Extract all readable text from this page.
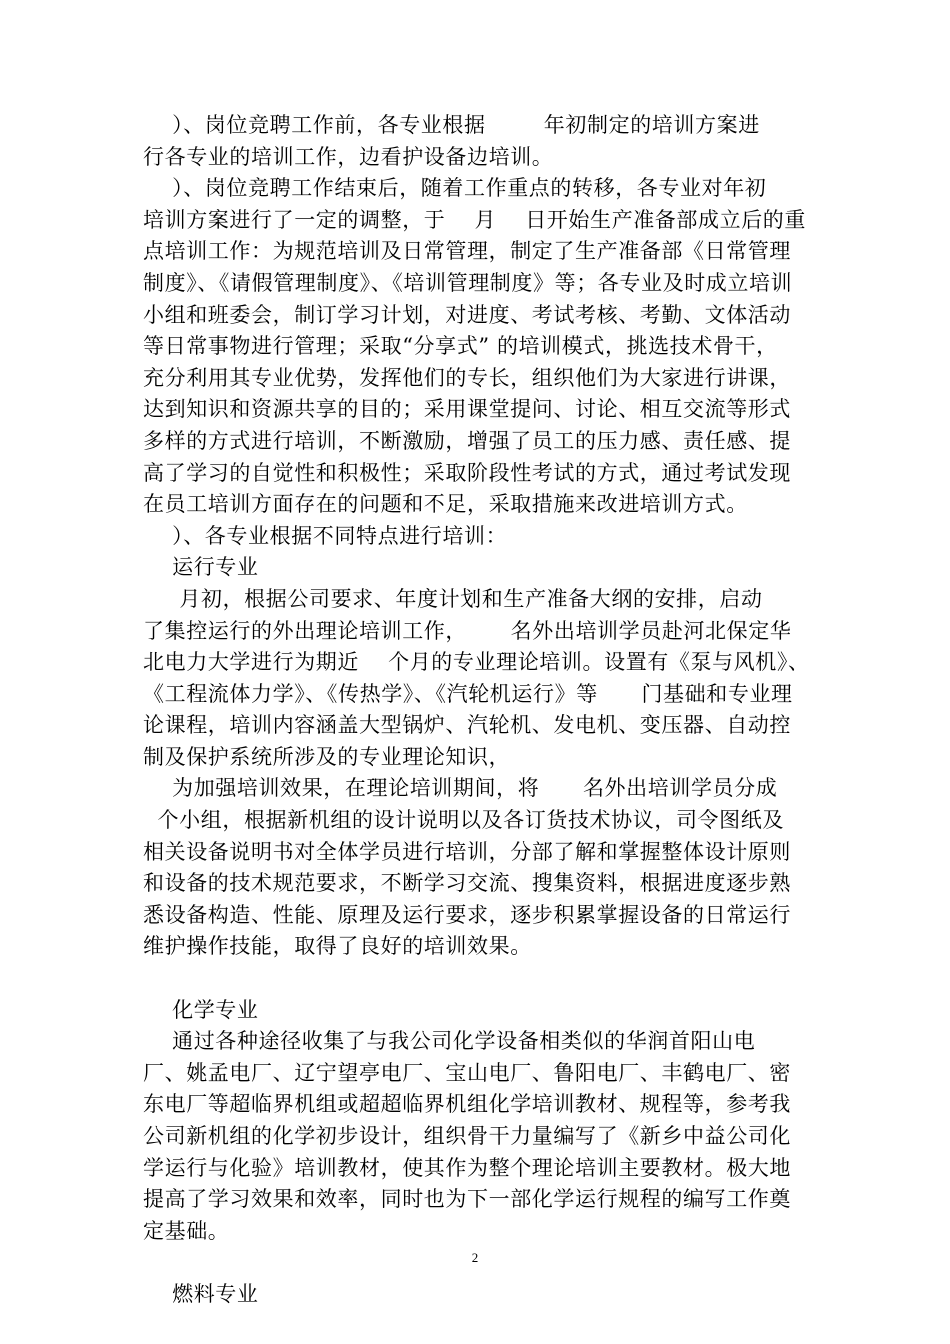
）、岗位竞聘工作前，各专业根据        年初制定的培训方案进
行各专业的培训工作，边看护设备边培训。
）、岗位竞聘工作结束后，随着工作重点的转移，各专业对年初
培训方案进行了一定的调整，于    月    日开始生产准备部成立后的重
点培训工作：为规范培训及日常管理，制定了生产准备部《日常管理
制度》、《请假管理制度》、《培训管理制度》等；各专业及时成立培训
小组和班委会，制订学习计划，对进度、考试考核、考勤、文体活动
等日常事物进行管理；采取“分享式” 的培训模式，挑选技术骨干，
充分利用其专业优势，发挥他们的专长，组织他们为大家进行讲课，
达到知识和资源共享的目的；采用课堂提问、讨论、相互交流等形式
多样的方式进行培训，不断激励，增强了员工的压力感、责任感、提
高了学习的自觉性和积极性；采取阶段性考试的方式，通过考试发现
在员工培训方面存在的问题和不足，采取措施来改进培训方式。
）、各专业根据不同特点进行培训：
运行专业
月初，根据公司要求、年度计划和生产准备大纲的安排，启动
了集控运行的外出理论培训工作，      名外出培训学员赴河北保定华
北电力大学进行为期近    个月的专业理论培训。设置有《泵与风机》、
《工程流体力学》、《传热学》、《汽轮机运行》等      门基础和专业理
论课程，培训内容涵盖大型锅炉、汽轮机、发电机、变压器、自动控
制及保护系统所涉及的专业理论知识，
为加强培训效果，在理论培训期间，将      名外出培训学员分成
个小组，根据新机组的设计说明以及各订货技术协议，司令图纸及
相关设备说明书对全体学员进行培训，分部了解和掌握整体设计原则
和设备的技术规范要求，不断学习交流、搜集资料，根据进度逐步熟
悉设备构造、性能、原理及运行要求，逐步积累掌握设备的日常运行
维护操作技能，取得了良好的培训效果。
化学专业
通过各种途径收集了与我公司化学设备相类似的华润首阳山电
厂、姚孟电厂、辽宁望亭电厂、宝山电厂、鲁阳电厂、丰鹤电厂、密
东电厂等超临界机组或超超临界机组化学培训教材、规程等，参考我
公司新机组的化学初步设计，组织骨干力量编写了《新乡中益公司化
学运行与化验》培训教材，使其作为整个理论培训主要教材。极大地
提高了学习效果和效率，同时也为下一部化学运行规程的编写工作奠
定基础。
燃料专业
2
